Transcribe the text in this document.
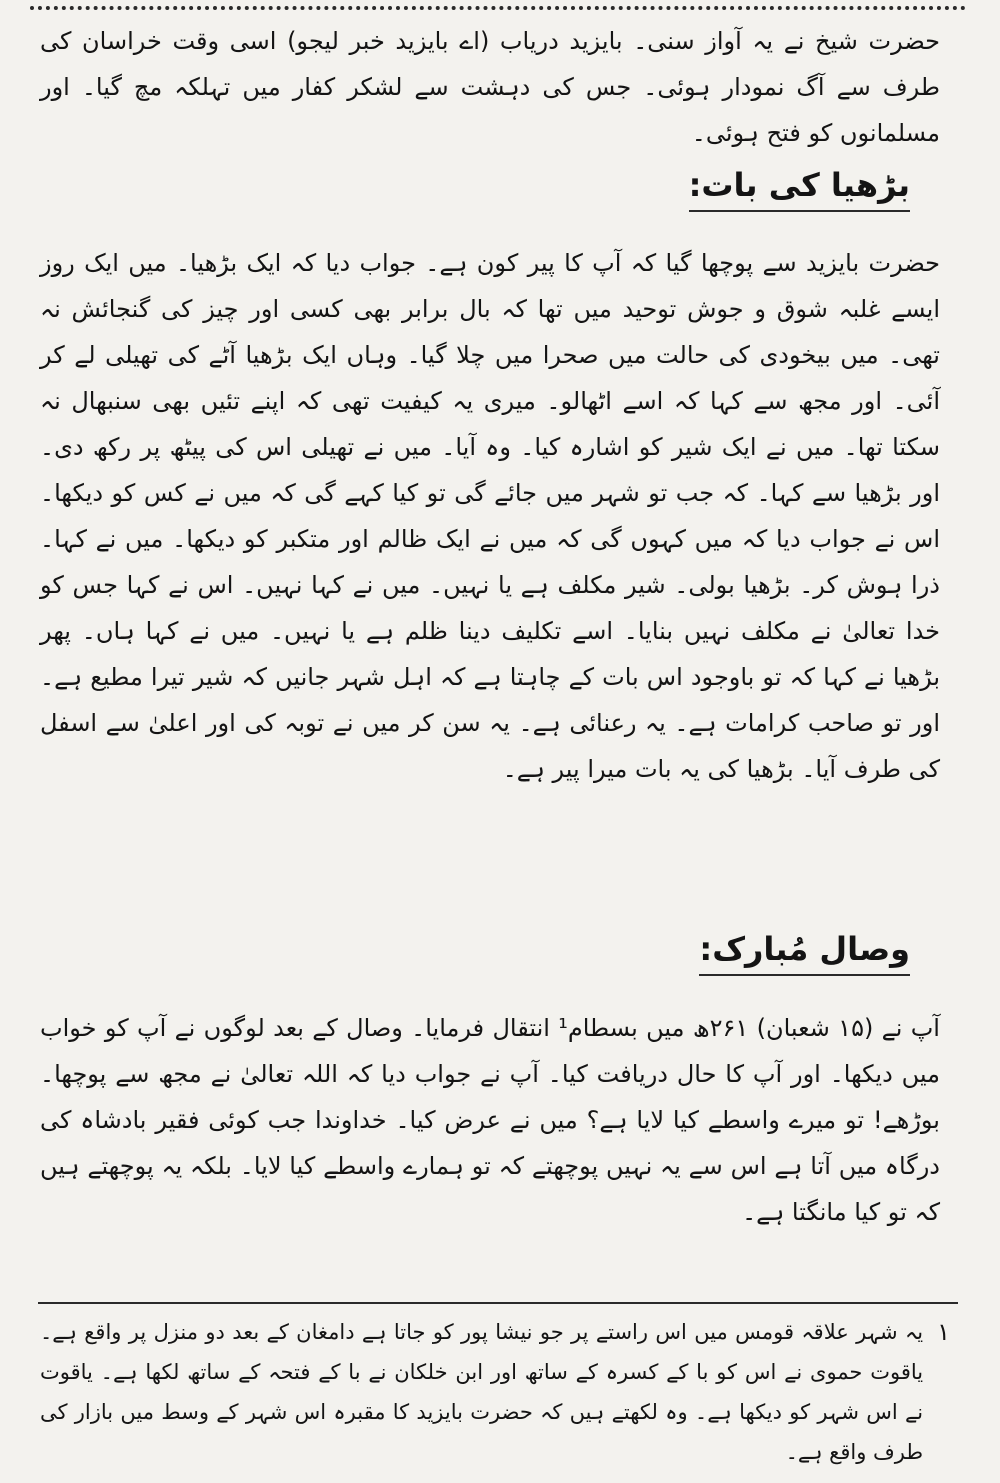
حضرت شیخ نے یہ آواز سنی۔ بایزید دریاب (اے بایزید خبر لیجو) اسی وقت خراسان کی طرف سے آگ نمودار ہوئی۔ جس کی دہشت سے لشکر کفار میں تہلکہ مچ گیا۔ اور مسلمانوں کو فتح ہوئی۔

بڑھیا کی بات:

حضرت بایزید سے پوچھا گیا کہ آپ کا پیر کون ہے۔ جواب دیا کہ ایک بڑھیا۔ میں ایک روز ایسے غلبہ شوق و جوش توحید میں تھا کہ بال برابر بھی کسی اور چیز کی گنجائش نہ تھی۔ میں بیخودی کی حالت میں صحرا میں چلا گیا۔ وہاں ایک بڑھیا آٹے کی تھیلی لے کر آئی۔ اور مجھ سے کہا کہ اسے اٹھالو۔ میری یہ کیفیت تھی کہ اپنے تئیں بھی سنبھال نہ سکتا تھا۔ میں نے ایک شیر کو اشارہ کیا۔ وہ آیا۔ میں نے تھیلی اس کی پیٹھ پر رکھ دی۔ اور بڑھیا سے کہا۔ کہ جب تو شہر میں جائے گی تو کیا کہے گی کہ میں نے کس کو دیکھا۔ اس نے جواب دیا کہ میں کہوں گی کہ میں نے ایک ظالم اور متکبر کو دیکھا۔ میں نے کہا۔ ذرا ہوش کر۔ بڑھیا بولی۔ شیر مکلف ہے یا نہیں۔ میں نے کہا نہیں۔ اس نے کہا جس کو خدا تعالیٰ نے مکلف نہیں بنایا۔ اسے تکلیف دینا ظلم ہے یا نہیں۔ میں نے کہا ہاں۔ پھر بڑھیا نے کہا کہ تو باوجود اس بات کے چاہتا ہے کہ اہل شہر جانیں کہ شیر تیرا مطیع ہے۔ اور تو صاحب کرامات ہے۔ یہ رعنائی ہے۔ یہ سن کر میں نے توبہ کی اور اعلیٰ سے اسفل کی طرف آیا۔ بڑھیا کی یہ بات میرا پیر ہے۔

وصال مُبارک:

آپ نے (۱۵ شعبان) ۲۶۱ھ میں بسطام¹ انتقال فرمایا۔ وصال کے بعد لوگوں نے آپ کو خواب میں دیکھا۔ اور آپ کا حال دریافت کیا۔ آپ نے جواب دیا کہ اللہ تعالیٰ نے مجھ سے پوچھا۔ بوڑھے! تو میرے واسطے کیا لایا ہے؟ میں نے عرض کیا۔ خداوندا جب کوئی فقیر بادشاہ کی درگاہ میں آتا ہے اس سے یہ نہیں پوچھتے کہ تو ہمارے واسطے کیا لایا۔ بلکہ یہ پوچھتے ہیں کہ تو کیا مانگتا ہے۔

۱
یہ شہر علاقہ قومس میں اس راستے پر جو نیشا پور کو جاتا ہے دامغان کے بعد دو منزل پر واقع ہے۔ یاقوت حموی نے اس کو با کے کسرہ کے ساتھ اور ابن خلکان نے با کے فتحہ کے ساتھ لکھا ہے۔ یاقوت نے اس شہر کو دیکھا ہے۔ وہ لکھتے ہیں کہ حضرت بایزید کا مقبرہ اس شہر کے وسط میں بازار کی طرف واقع ہے۔
